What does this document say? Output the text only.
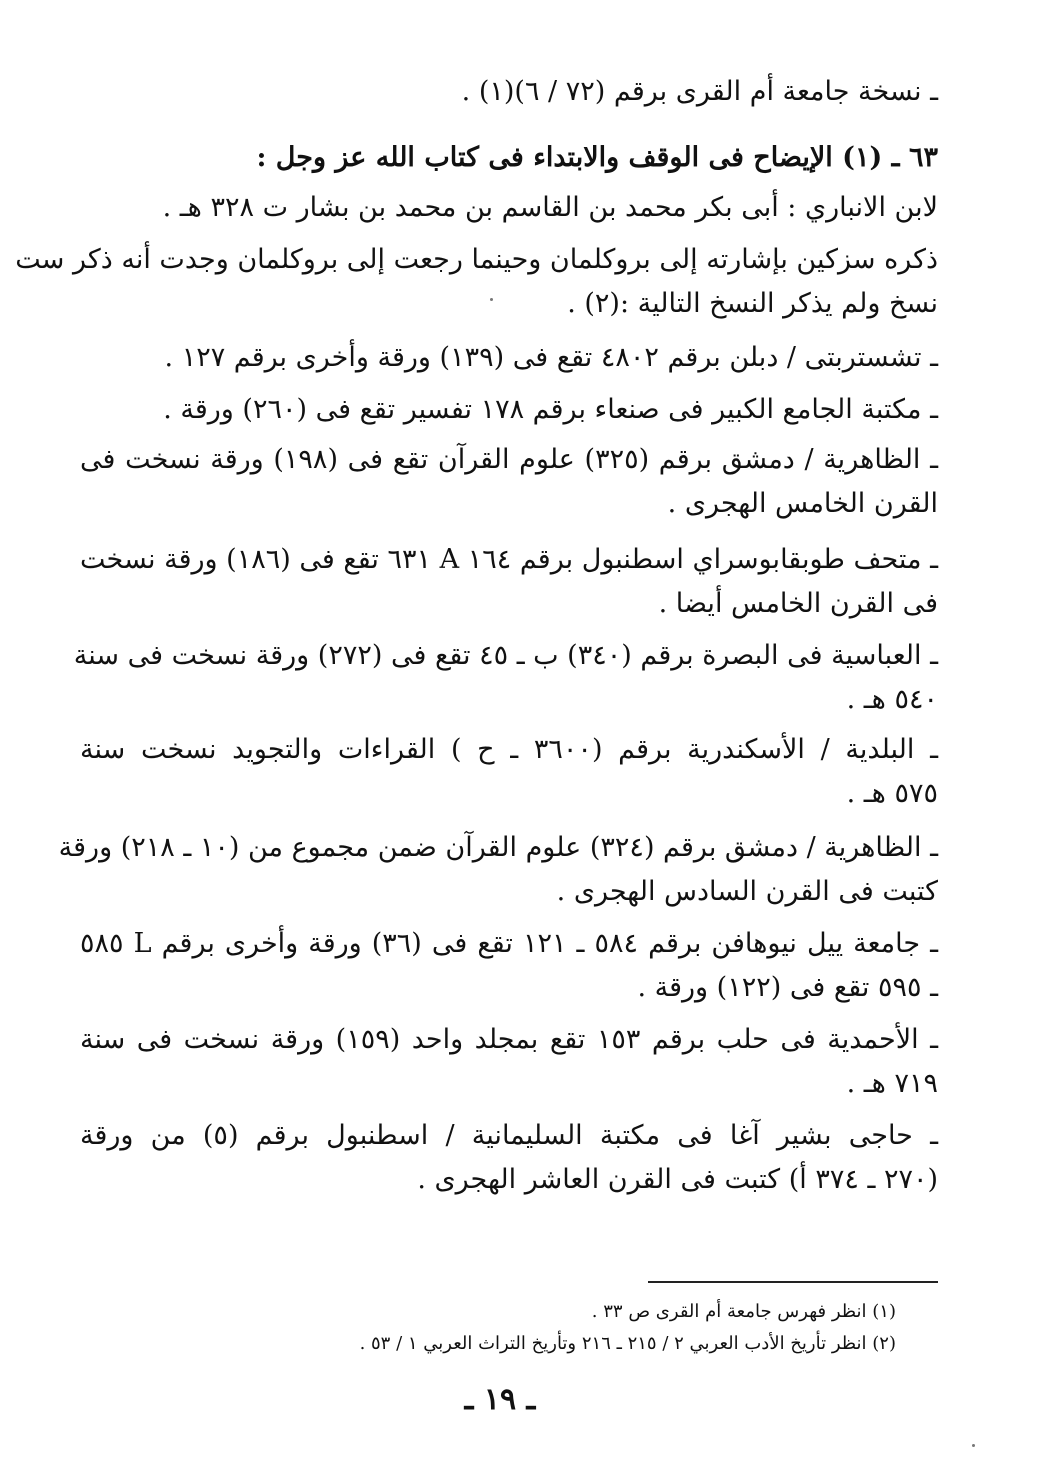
ـ نسخة جامعة أم القرى برقم (٧٢ / ٦)(١) .
٦٣ ـ (١) الإيضاح فى الوقف والابتداء فى كتاب الله عز وجل :
لابن الانباري : أبى بكر محمد بن القاسم بن محمد بن بشار ت ٣٢٨ هـ .
ذكره سزكين بإشارته إلى بروكلمان وحينما رجعت إلى بروكلمان وجدت أنه ذكر ست
نسخ ولم يذكر النسخ التالية :(٢) .
ـ تشستربتى / دبلن برقم ٤٨٠٢ تقع فى (١٣٩) ورقة وأخرى برقم ١٢٧ .
ـ مكتبة الجامع الكبير فى صنعاء برقم ١٧٨ تفسير تقع فى (٢٦٠) ورقة .
ـ الظاهرية / دمشق برقم (٣٢٥) علوم القرآن تقع فى (١٩٨) ورقة نسخت فى
القرن الخامس الهجرى .
ـ متحف طوبقابوسراي اسطنبول برقم ١٦٤ A ٦٣١ تقع فى (١٨٦) ورقة نسخت
فى القرن الخامس أيضا .
ـ العباسية فى البصرة برقم (٣٤٠) ب ـ ٤٥ تقع فى (٢٧٢) ورقة نسخت فى سنة
٥٤٠ هـ .
ـ البلدية / الأسكندرية برقم (٣٦٠٠ ـ ح ) القراءات والتجويد نسخت سنة
٥٧٥ هـ .
ـ الظاهرية / دمشق برقم (٣٢٤) علوم القرآن ضمن مجموع من (١٠ ـ ٢١٨) ورقة
كتبت فى القرن السادس الهجرى .
ـ جامعة ييل نيوهافن برقم ٥٨٤ ـ ١٢١ تقع فى (٣٦) ورقة وأخرى برقم L ٥٨٥
ـ ٥٩٥ تقع فى (١٢٢) ورقة .
ـ الأحمدية فى حلب برقم ١٥٣ تقع بمجلد واحد (١٥٩) ورقة نسخت فى سنة
٧١٩ هـ .
ـ حاجى بشير آغا فى مكتبة السليمانية / اسطنبول برقم (٥) من ورقة
(٢٧٠ ـ ٣٧٤ أ) كتبت فى القرن العاشر الهجرى .
(١) انظر فهرس جامعة أم القرى ص ٣٣ .
(٢) انظر تأريخ الأدب العربي ٢ / ٢١٥ ـ ٢١٦ وتأريخ التراث العربي ١ / ٥٣ .
ـ ١٩ ـ
